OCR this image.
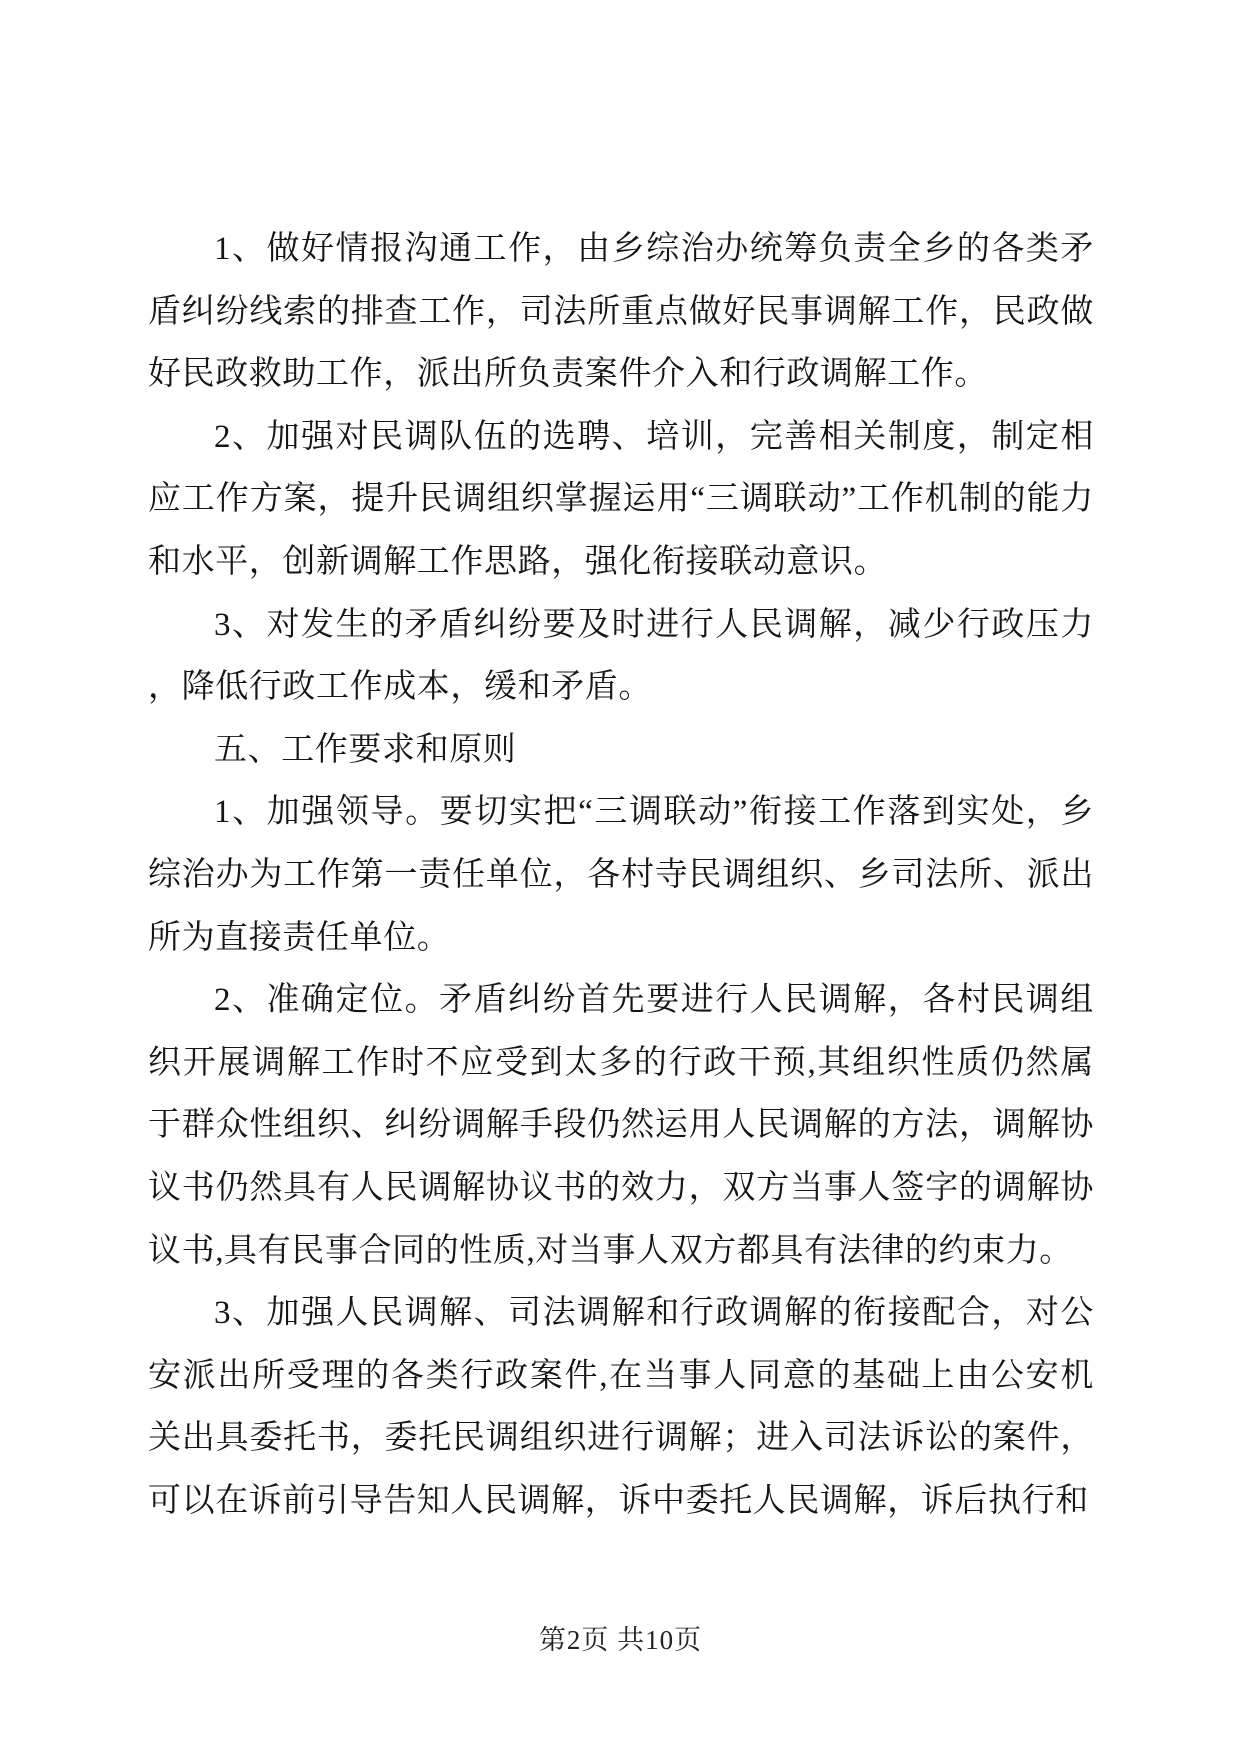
1、做好情报沟通工作，由乡综治办统筹负责全乡的各类矛盾纠纷线索的排查工作，司法所重点做好民事调解工作，民政做好民政救助工作，派出所负责案件介入和行政调解工作。

2、加强对民调队伍的选聘、培训，完善相关制度，制定相应工作方案，提升民调组织掌握运用“三调联动”工作机制的能力和水平，创新调解工作思路，强化衔接联动意识。

3、对发生的矛盾纠纷要及时进行人民调解，减少行政压力，降低行政工作成本，缓和矛盾。

五、工作要求和原则

1、加强领导。要切实把“三调联动”衔接工作落到实处，乡综治办为工作第一责任单位，各村寺民调组织、乡司法所、派出所为直接责任单位。

2、准确定位。矛盾纠纷首先要进行人民调解，各村民调组织开展调解工作时不应受到太多的行政干预,其组织性质仍然属于群众性组织、纠纷调解手段仍然运用人民调解的方法，调解协议书仍然具有人民调解协议书的效力，双方当事人签字的调解协议书,具有民事合同的性质,对当事人双方都具有法律的约束力。

3、加强人民调解、司法调解和行政调解的衔接配合，对公安派出所受理的各类行政案件,在当事人同意的基础上由公安机关出具委托书，委托民调组织进行调解；进入司法诉讼的案件，可以在诉前引导告知人民调解，诉中委托人民调解，诉后执行和

第2页 共10页
